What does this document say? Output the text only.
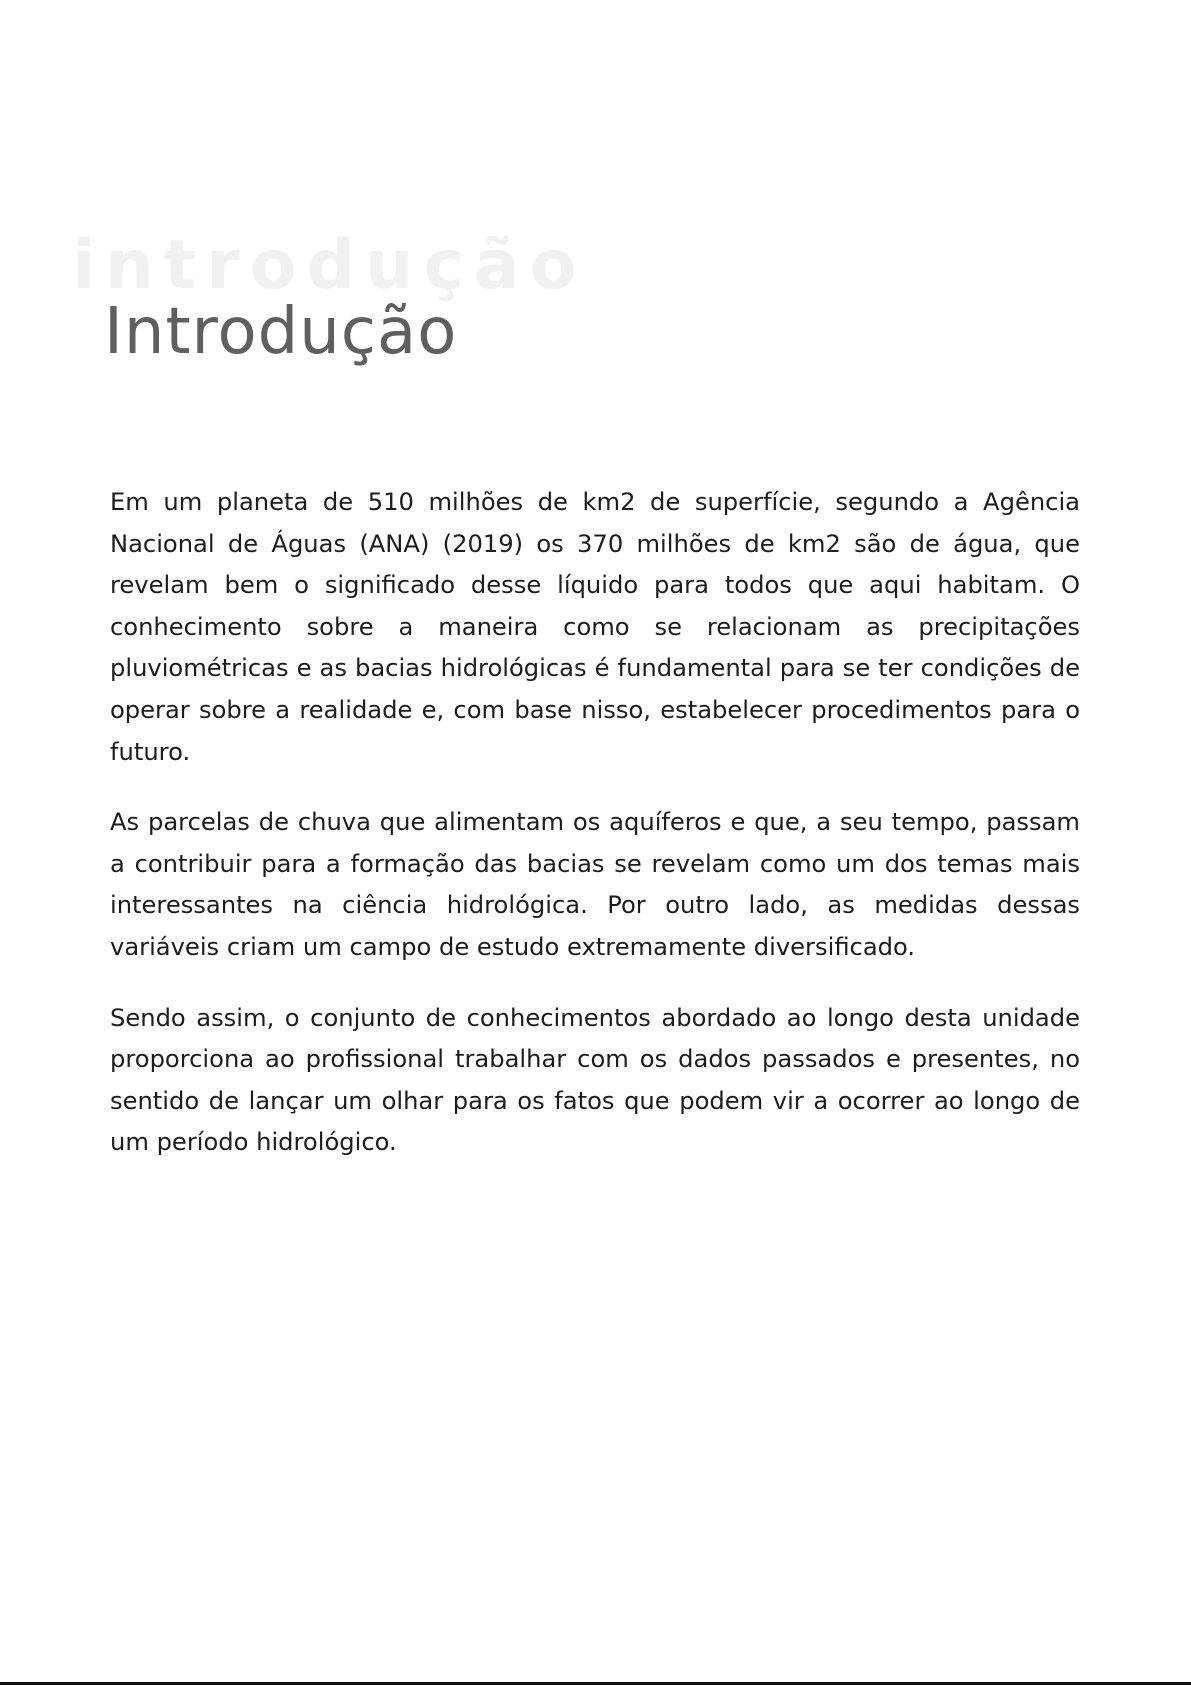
introdução
Introdução

Em um planeta de 510 milhões de km2 de superfície, segundo a Agência Nacional de Águas (ANA) (2019) os 370 milhões de km2 são de água, que revelam bem o significado desse líquido para todos que aqui habitam. O conhecimento sobre a maneira como se relacionam as precipitações pluviométricas e as bacias hidrológicas é fundamental para se ter condições de operar sobre a realidade e, com base nisso, estabelecer procedimentos para o futuro.

As parcelas de chuva que alimentam os aquíferos e que, a seu tempo, passam a contribuir para a formação das bacias se revelam como um dos temas mais interessantes na ciência hidrológica. Por outro lado, as medidas dessas variáveis criam um campo de estudo extremamente diversificado.

Sendo assim, o conjunto de conhecimentos abordado ao longo desta unidade proporciona ao profissional trabalhar com os dados passados e presentes, no sentido de lançar um olhar para os fatos que podem vir a ocorrer ao longo de um período hidrológico.
